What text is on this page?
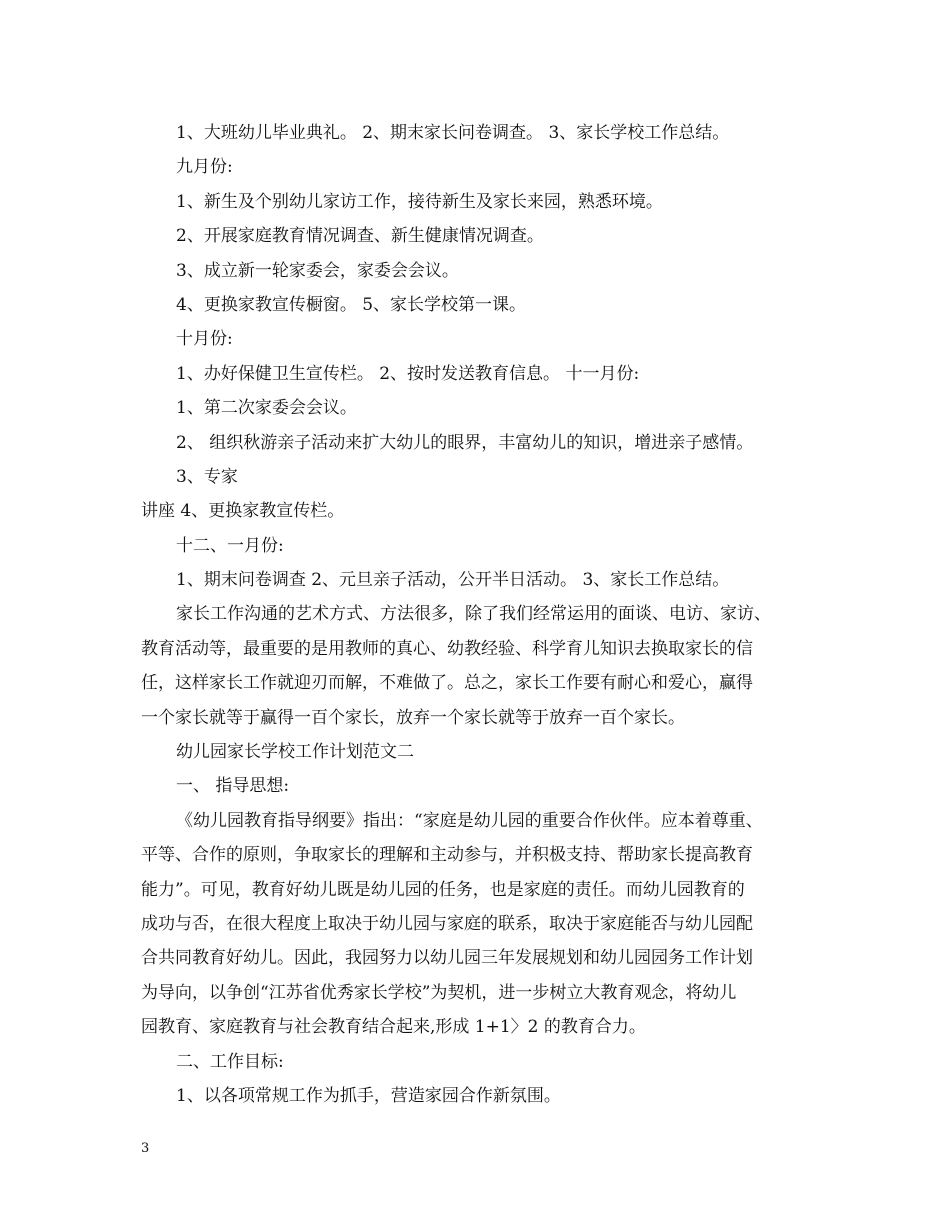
1、大班幼儿毕业典礼。 2、期末家长问卷调查。 3、家长学校工作总结。
九月份:
1、新生及个别幼儿家访工作，接待新生及家长来园，熟悉环境。
2、开展家庭教育情况调查、新生健康情况调查。
3、成立新一轮家委会，家委会会议。
4、更换家教宣传橱窗。 5、家长学校第一课。
十月份:
1、办好保健卫生宣传栏。 2、按时发送教育信息。 十一月份:
1、第二次家委会会议。
2、 组织秋游亲子活动来扩大幼儿的眼界，丰富幼儿的知识，增进亲子感情。
3、专家
讲座 4、更换家教宣传栏。
十二、一月份:
1、期末问卷调查 2、元旦亲子活动，公开半日活动。 3、家长工作总结。
家长工作沟通的艺术方式、方法很多，除了我们经常运用的面谈、电访、家访、
教育活动等，最重要的是用教师的真心、幼教经验、科学育儿知识去换取家长的信
任，这样家长工作就迎刃而解，不难做了。总之，家长工作要有耐心和爱心，赢得
一个家长就等于赢得一百个家长，放弃一个家长就等于放弃一百个家长。
幼儿园家长学校工作计划范文二
一、 指导思想:
《幼儿园教育指导纲要》指出：“家庭是幼儿园的重要合作伙伴。应本着尊重、
平等、合作的原则，争取家长的理解和主动参与，并积极支持、帮助家长提高教育
能力”。可见，教育好幼儿既是幼儿园的任务，也是家庭的责任。而幼儿园教育的
成功与否，在很大程度上取决于幼儿园与家庭的联系，取决于家庭能否与幼儿园配
合共同教育好幼儿。因此，我园努力以幼儿园三年发展规划和幼儿园园务工作计划
为导向，以争创“江苏省优秀家长学校”为契机，进一步树立大教育观念，将幼儿
园教育、家庭教育与社会教育结合起来,形成 1+1〉2 的教育合力。
二、工作目标:
1、以各项常规工作为抓手，营造家园合作新氛围。
3
